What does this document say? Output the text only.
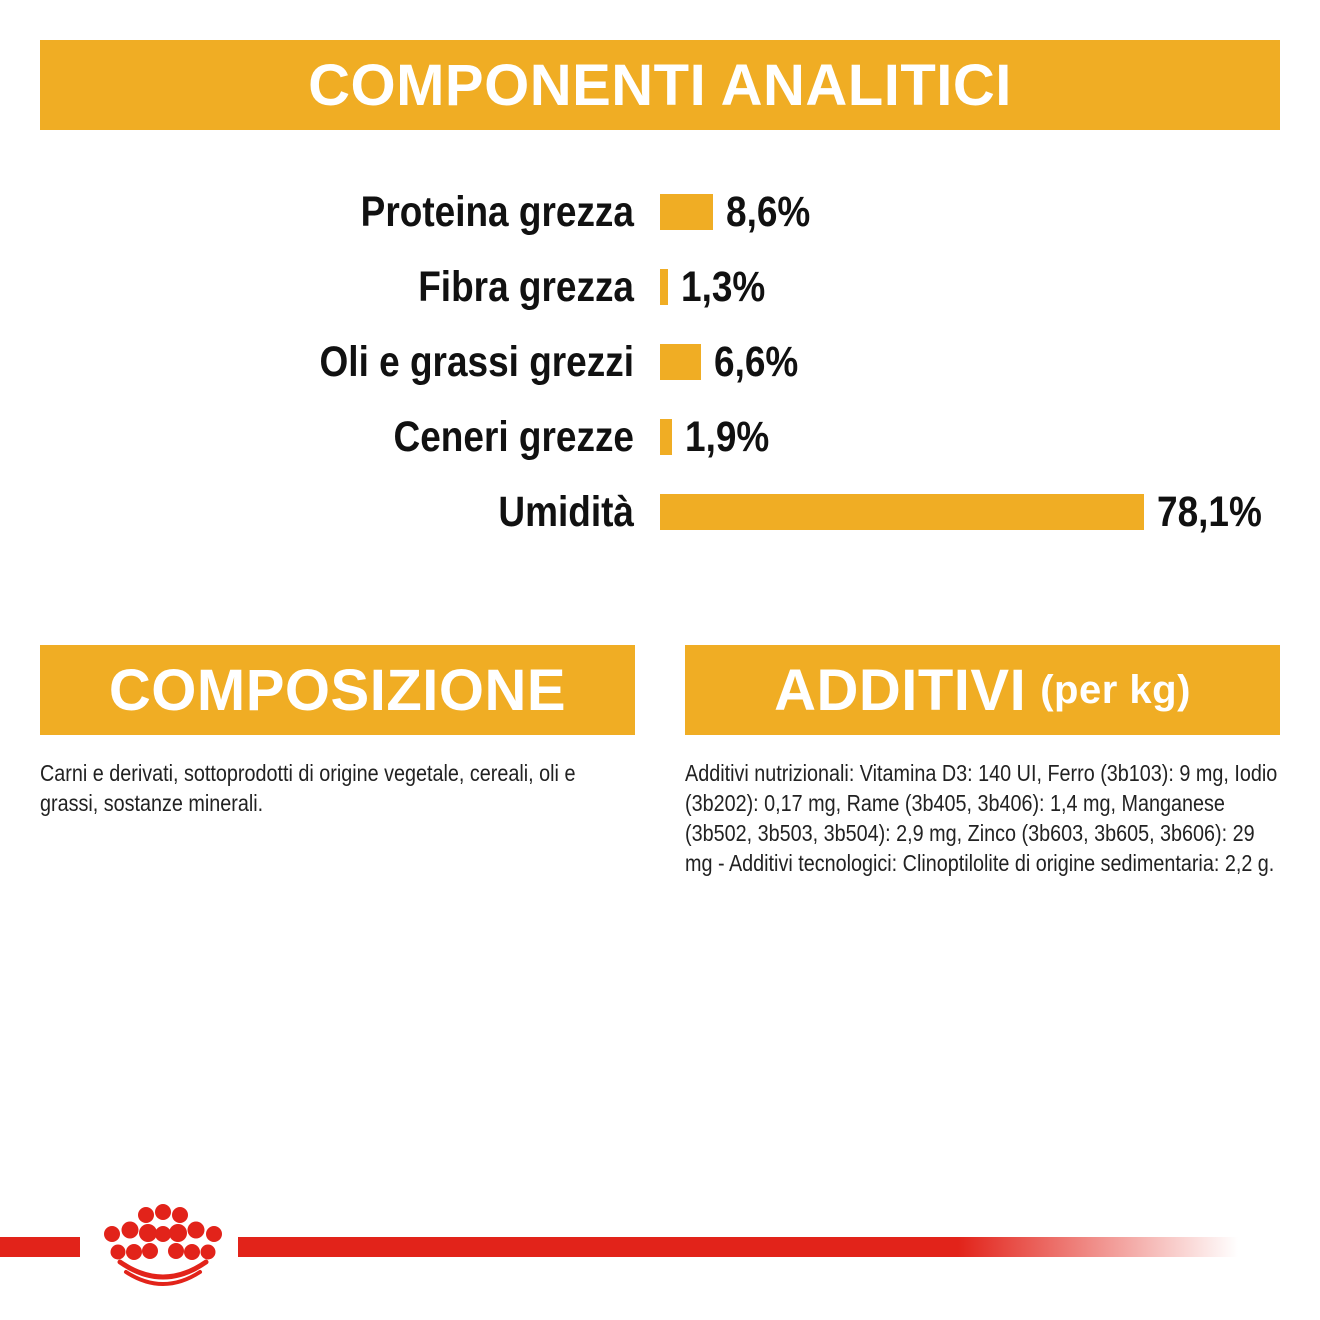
COMPONENTI ANALITICI
Proteina grezza 8,6%
Fibra grezza 1,3%
Oli e grassi grezzi 6,6%
Ceneri grezze 1,9%
Umidità	78,1%
COMPOSIZIONE
Carni e derivati, sottoprodotti di origine vegetale, cereali, oli e grassi, sostanze minerali.
ADDITIVI (per kg)
Additivi nutrizionali: Vitamina D3: 140 UI, Ferro (3b103): 9 mg, Iodio (3b202): 0,17 mg, Rame (3b405, 3b406): 1,4 mg, Manganese (3b502, 3b503, 3b504): 2,9 mg, Zinco (3b603, 3b605, 3b606): 29 mg - Additivi tecnologici: Clinoptilolite di origine sedimentaria: 2,2 g.
